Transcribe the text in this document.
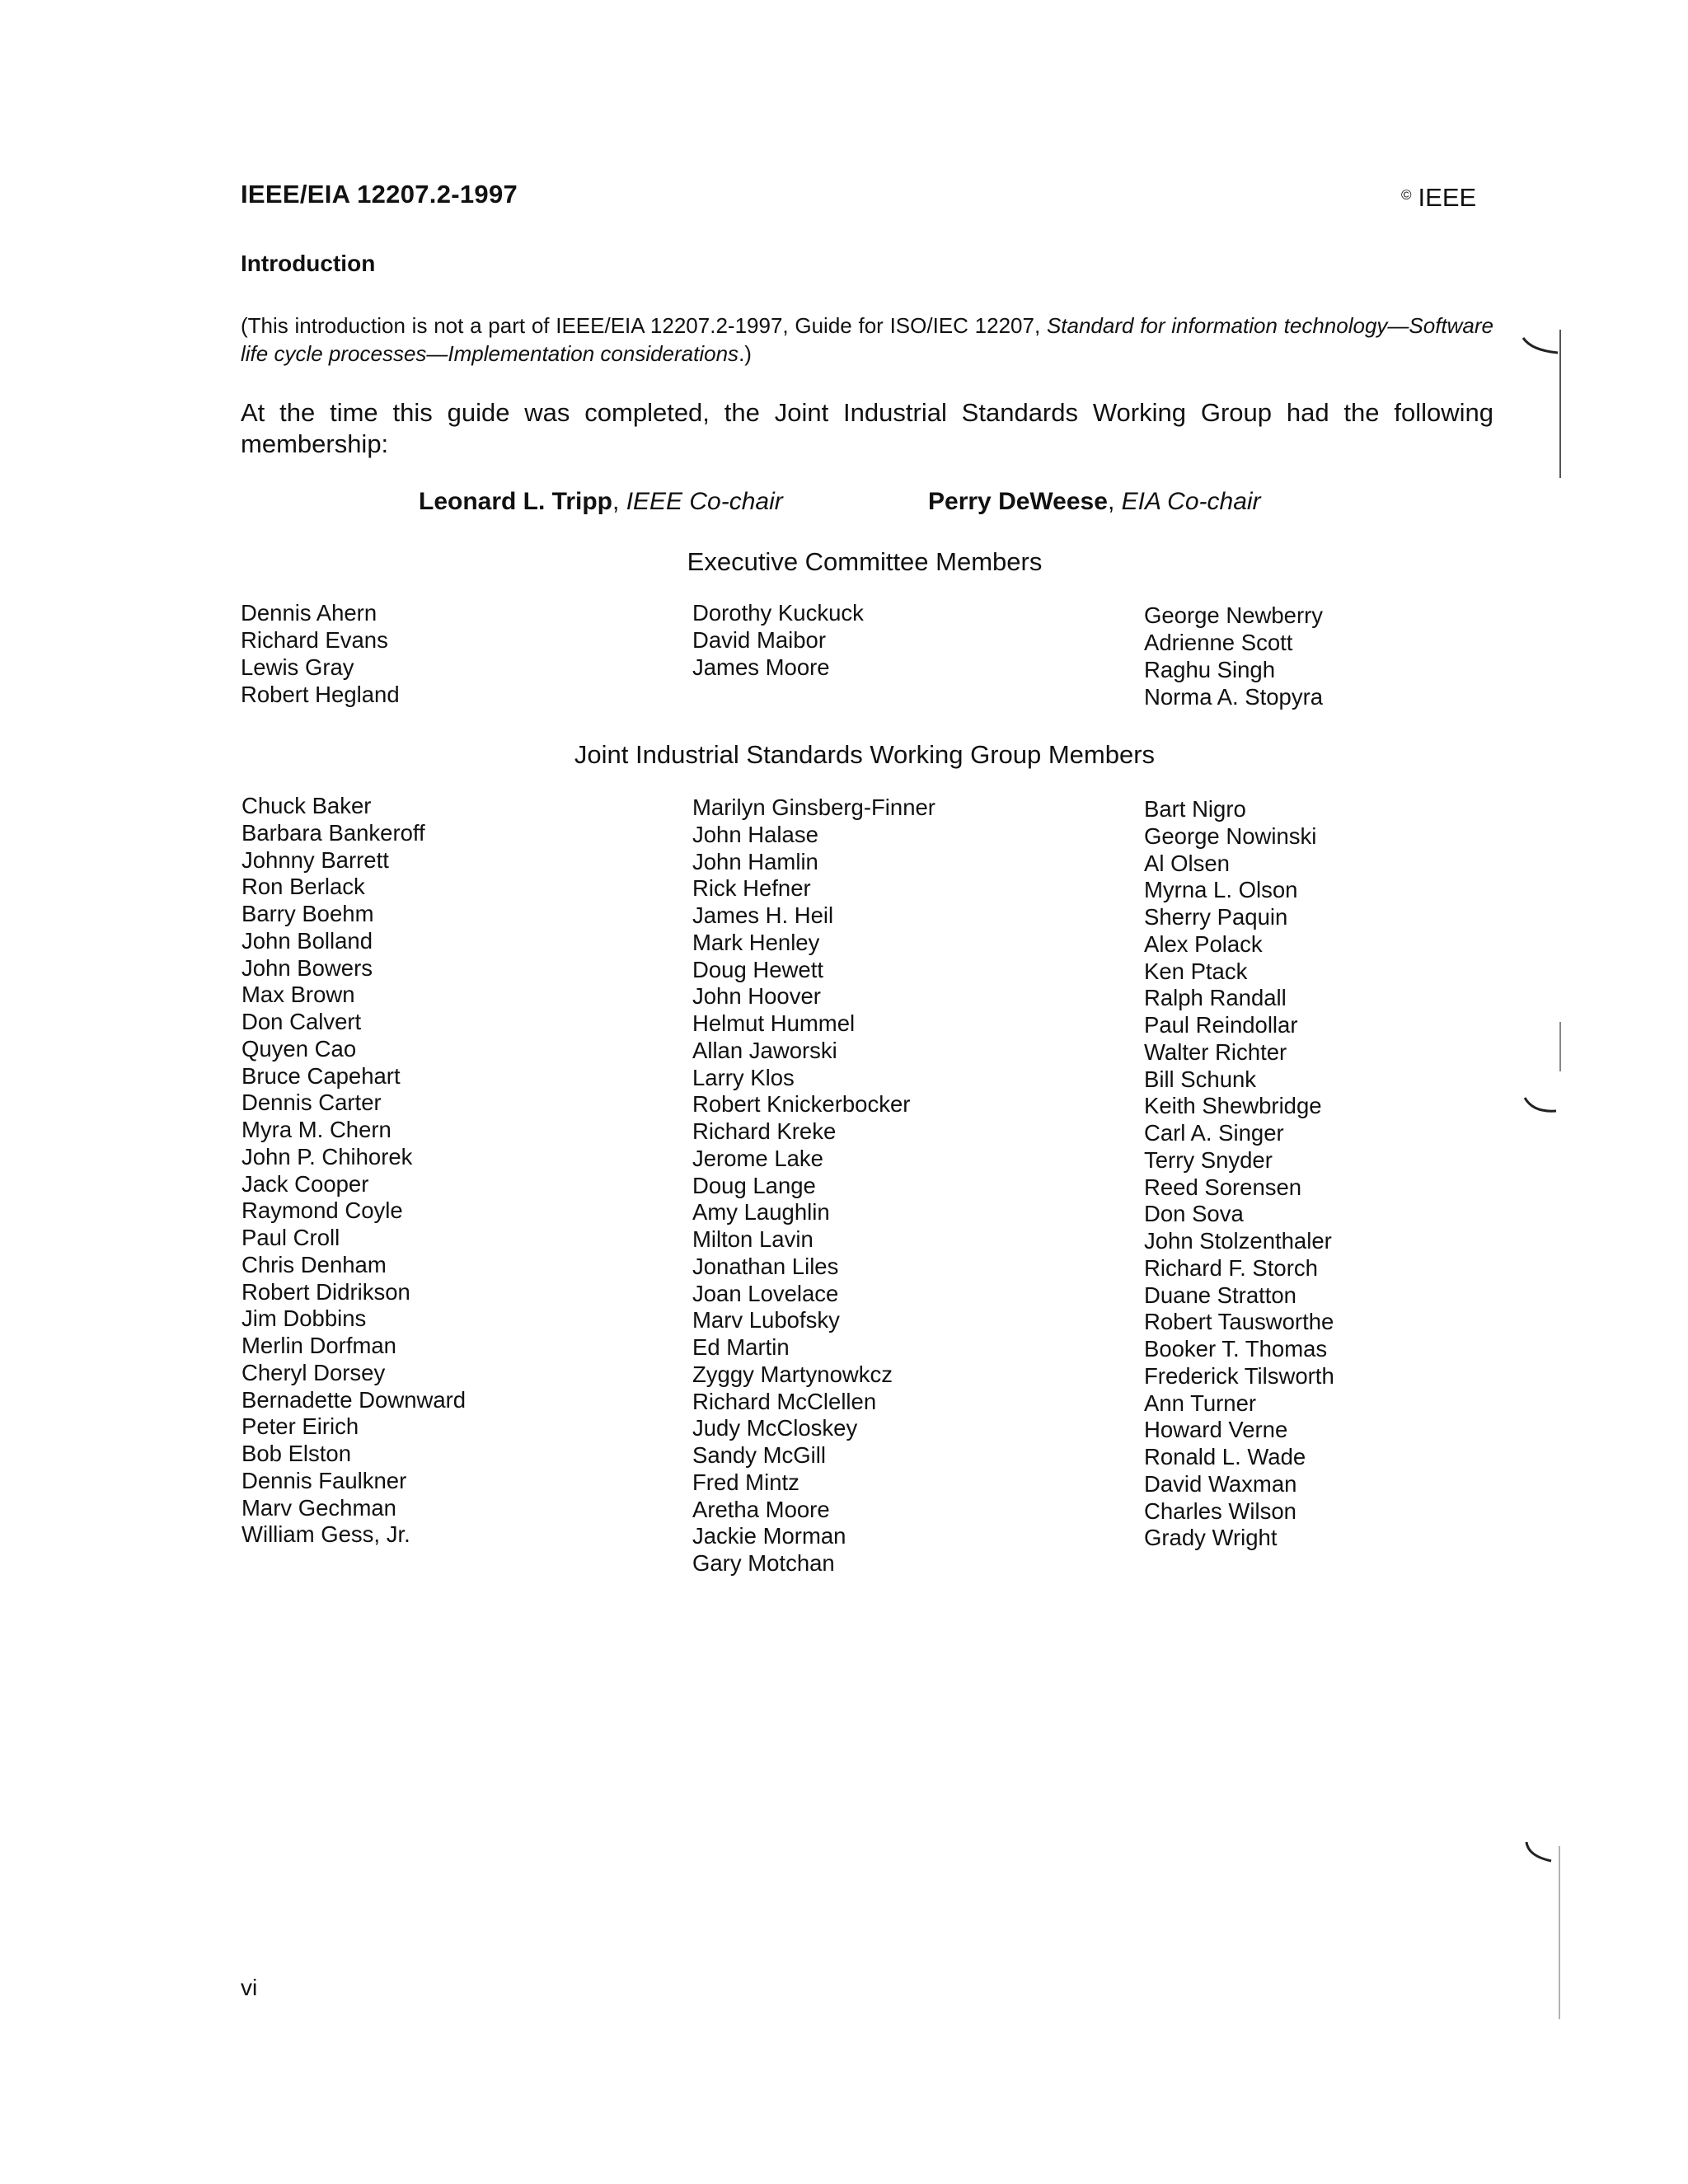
IEEE/EIA 12207.2-1997	© IEEE
Introduction
(This introduction is not a part of IEEE/EIA 12207.2-1997, Guide for ISO/IEC 12207, Standard for information technology—Software life cycle processes—Implementation considerations.)
At the time this guide was completed, the Joint Industrial Standards Working Group had the following membership:
Leonard L. Tripp, IEEE Co-chair	Perry DeWeese, EIA Co-chair
Executive Committee Members
Dennis Ahern
Richard Evans
Lewis Gray
Robert Hegland
Dorothy Kuckuck
David Maibor
James Moore
George Newberry
Adrienne Scott
Raghu Singh
Norma A. Stopyra
Joint Industrial Standards Working Group Members
Chuck Baker
Barbara Bankeroff
Johnny Barrett
Ron Berlack
Barry Boehm
John Bolland
John Bowers
Max Brown
Don Calvert
Quyen Cao
Bruce Capehart
Dennis Carter
Myra M. Chern
John P. Chihorek
Jack Cooper
Raymond Coyle
Paul Croll
Chris Denham
Robert Didrikson
Jim Dobbins
Merlin Dorfman
Cheryl Dorsey
Bernadette Downward
Peter Eirich
Bob Elston
Dennis Faulkner
Marv Gechman
William Gess, Jr.
Marilyn Ginsberg-Finner
John Halase
John Hamlin
Rick Hefner
James H. Heil
Mark Henley
Doug Hewett
John Hoover
Helmut Hummel
Allan Jaworski
Larry Klos
Robert Knickerbocker
Richard Kreke
Jerome Lake
Doug Lange
Amy Laughlin
Milton Lavin
Jonathan Liles
Joan Lovelace
Marv Lubofsky
Ed Martin
Zyggy Martynowkcz
Richard McClellen
Judy McCloskey
Sandy McGill
Fred Mintz
Aretha Moore
Jackie Morman
Gary Motchan
Bart Nigro
George Nowinski
Al Olsen
Myrna L. Olson
Sherry Paquin
Alex Polack
Ken Ptack
Ralph Randall
Paul Reindollar
Walter Richter
Bill Schunk
Keith Shewbridge
Carl A. Singer
Terry Snyder
Reed Sorensen
Don Sova
John Stolzenthaler
Richard F. Storch
Duane Stratton
Robert Tausworthe
Booker T. Thomas
Frederick Tilsworth
Ann Turner
Howard Verne
Ronald L. Wade
David Waxman
Charles Wilson
Grady Wright
vi
